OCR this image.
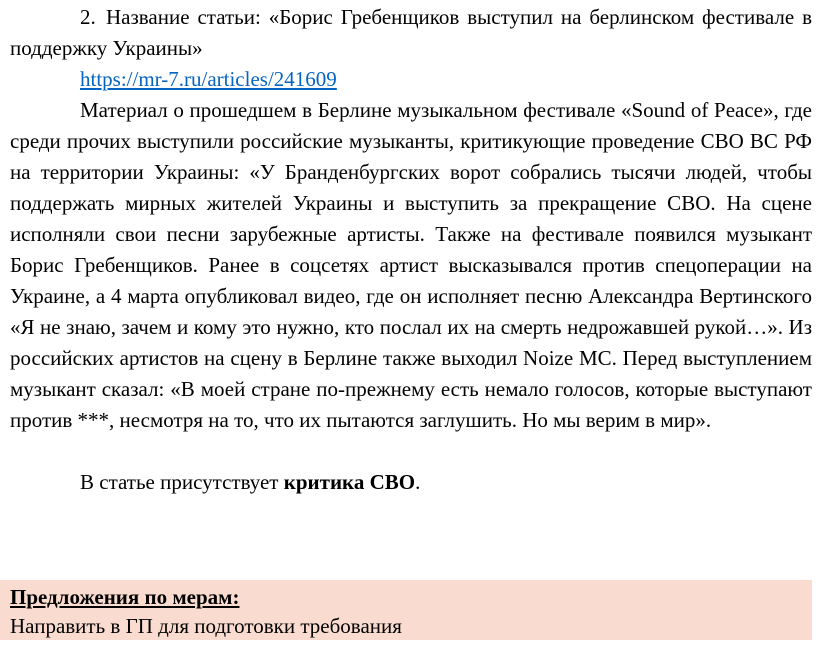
2. Название статьи: «Борис Гребенщиков выступил на берлинском фестивале в поддержку Украины»

https://mr-7.ru/articles/241609

Материал о прошедшем в Берлине музыкальном фестивале «Sound of Peace», где среди прочих выступили российские музыканты, критикующие проведение СВО ВС РФ на территории Украины: «У Бранденбургских ворот собрались тысячи людей, чтобы поддержать мирных жителей Украины и выступить за прекращение СВО. На сцене исполняли свои песни зарубежные артисты. Также на фестивале появился музыкант Борис Гребенщиков. Ранее в соцсетях артист высказывался против спецоперации на Украине, а 4 марта опубликовал видео, где он исполняет песню Александра Вертинского «Я не знаю, зачем и кому это нужно, кто послал их на смерть недрожавшей рукой…». Из российских артистов на сцену в Берлине также выходил Noize MC. Перед выступлением музыкант сказал: «В моей стране по-прежнему есть немало голосов, которые выступают против ***, несмотря на то, что их пытаются заглушить. Но мы верим в мир».

В статье присутствует критика СВО.

Предложения по мерам:

Направить в ГП для подготовки требования
